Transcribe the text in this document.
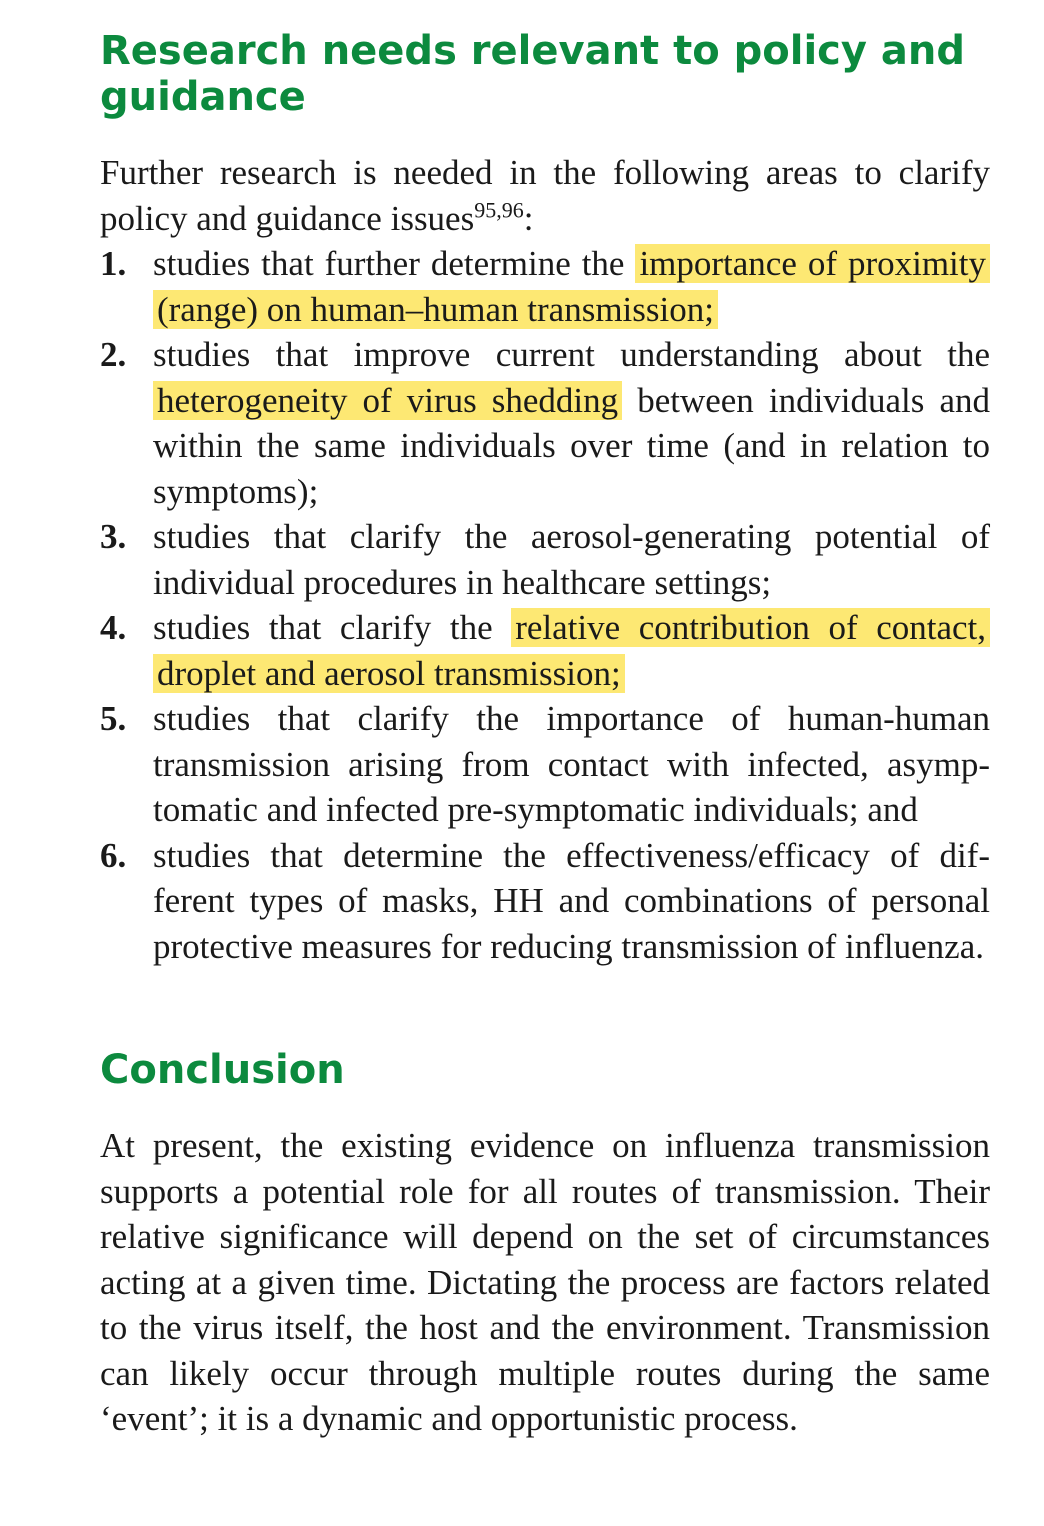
Research needs relevant to policy and guidance

Further research is needed in the following areas to clarify policy and guidance issues$^{95,96}$:

1. studies that further determine the importance of proximity (range) on human–human transmission;
2. studies that improve current understanding about the heterogeneity of virus shedding between individuals and within the same individuals over time (and in relation to symptoms);
3. studies that clarify the aerosol-generating potential of individual procedures in healthcare settings;
4. studies that clarify the relative contribution of contact, droplet and aerosol transmission;
5. studies that clarify the importance of human-human transmission arising from contact with infected, asymptomatic and infected pre-symptomatic individuals; and
6. studies that determine the effectiveness/efficacy of different types of masks, HH and combinations of personal protective measures for reducing transmission of influenza.
Conclusion

At present, the existing evidence on influenza transmission supports a potential role for all routes of transmission. Their relative significance will depend on the set of circumstances acting at a given time. Dictating the process are factors related to the virus itself, the host and the environment. Transmission can likely occur through multiple routes during the same ‘event’; it is a dynamic and opportunistic process.
